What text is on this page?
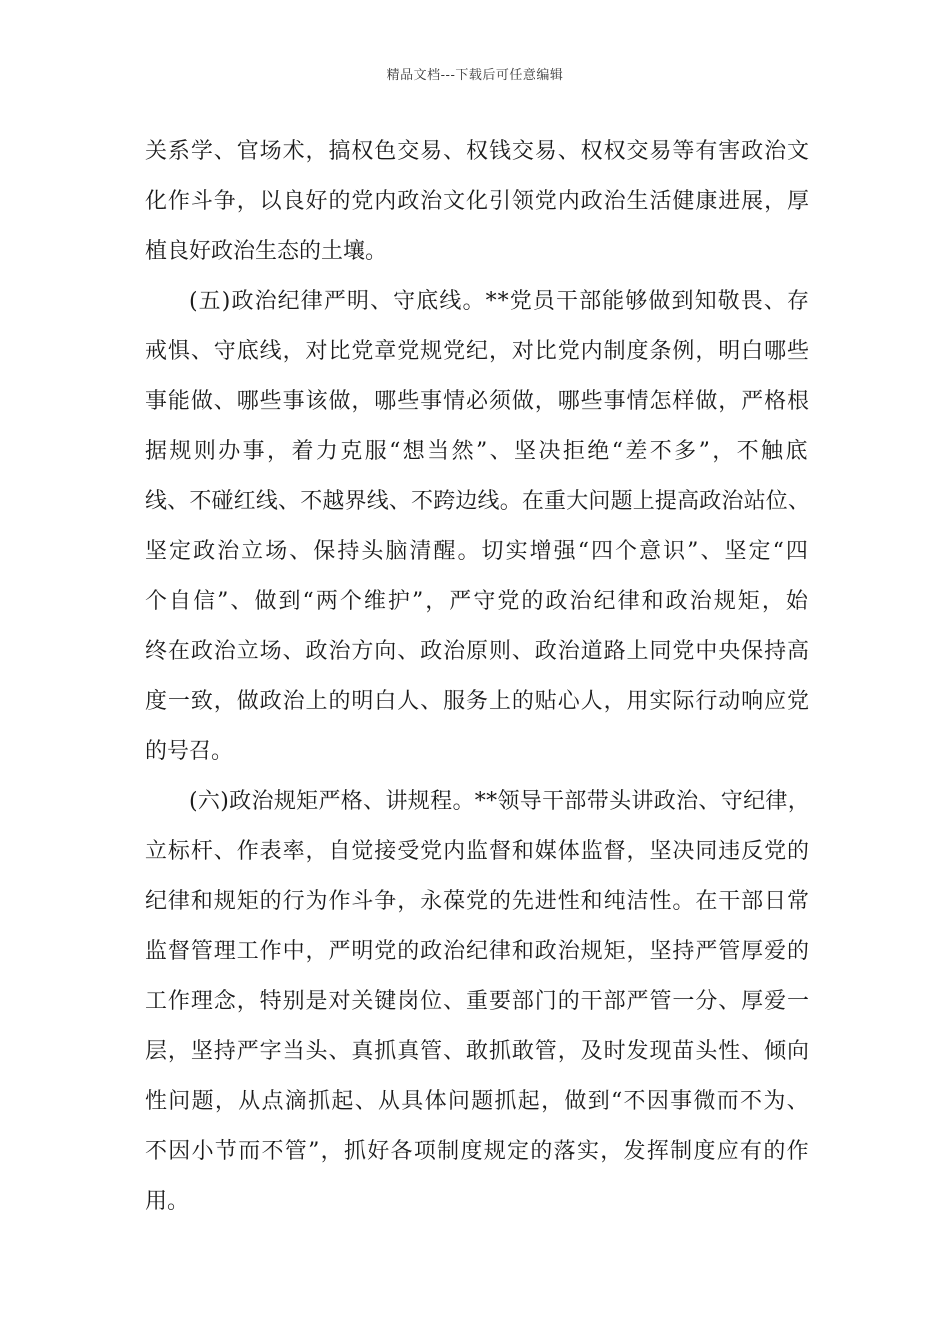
精品文档---下载后可任意编辑
关系学、官场术，搞权色交易、权钱交易、权权交易等有害政治文
化作斗争，以良好的党内政治文化引领党内政治生活健康进展，厚
植良好政治生态的土壤。
(五)政治纪律严明、守底线。**党员干部能够做到知敬畏、存
戒惧、守底线，对比党章党规党纪，对比党内制度条例，明白哪些
事能做、哪些事该做，哪些事情必须做，哪些事情怎样做，严格根
据规则办事，着力克服“想当然”、坚决拒绝“差不多”，不触底
线、不碰红线、不越界线、不跨边线。在重大问题上提高政治站位、
坚定政治立场、保持头脑清醒。切实增强“四个意识”、坚定“四
个自信”、做到“两个维护”，严守党的政治纪律和政治规矩，始
终在政治立场、政治方向、政治原则、政治道路上同党中央保持高
度一致，做政治上的明白人、服务上的贴心人，用实际行动响应党
的号召。
(六)政治规矩严格、讲规程。**领导干部带头讲政治、守纪律，
立标杆、作表率，自觉接受党内监督和媒体监督，坚决同违反党的
纪律和规矩的行为作斗争，永葆党的先进性和纯洁性。在干部日常
监督管理工作中，严明党的政治纪律和政治规矩，坚持严管厚爱的
工作理念，特别是对关键岗位、重要部门的干部严管一分、厚爱一
层，坚持严字当头、真抓真管、敢抓敢管，及时发现苗头性、倾向
性问题，从点滴抓起、从具体问题抓起，做到“不因事微而不为、
不因小节而不管”，抓好各项制度规定的落实，发挥制度应有的作
用。
